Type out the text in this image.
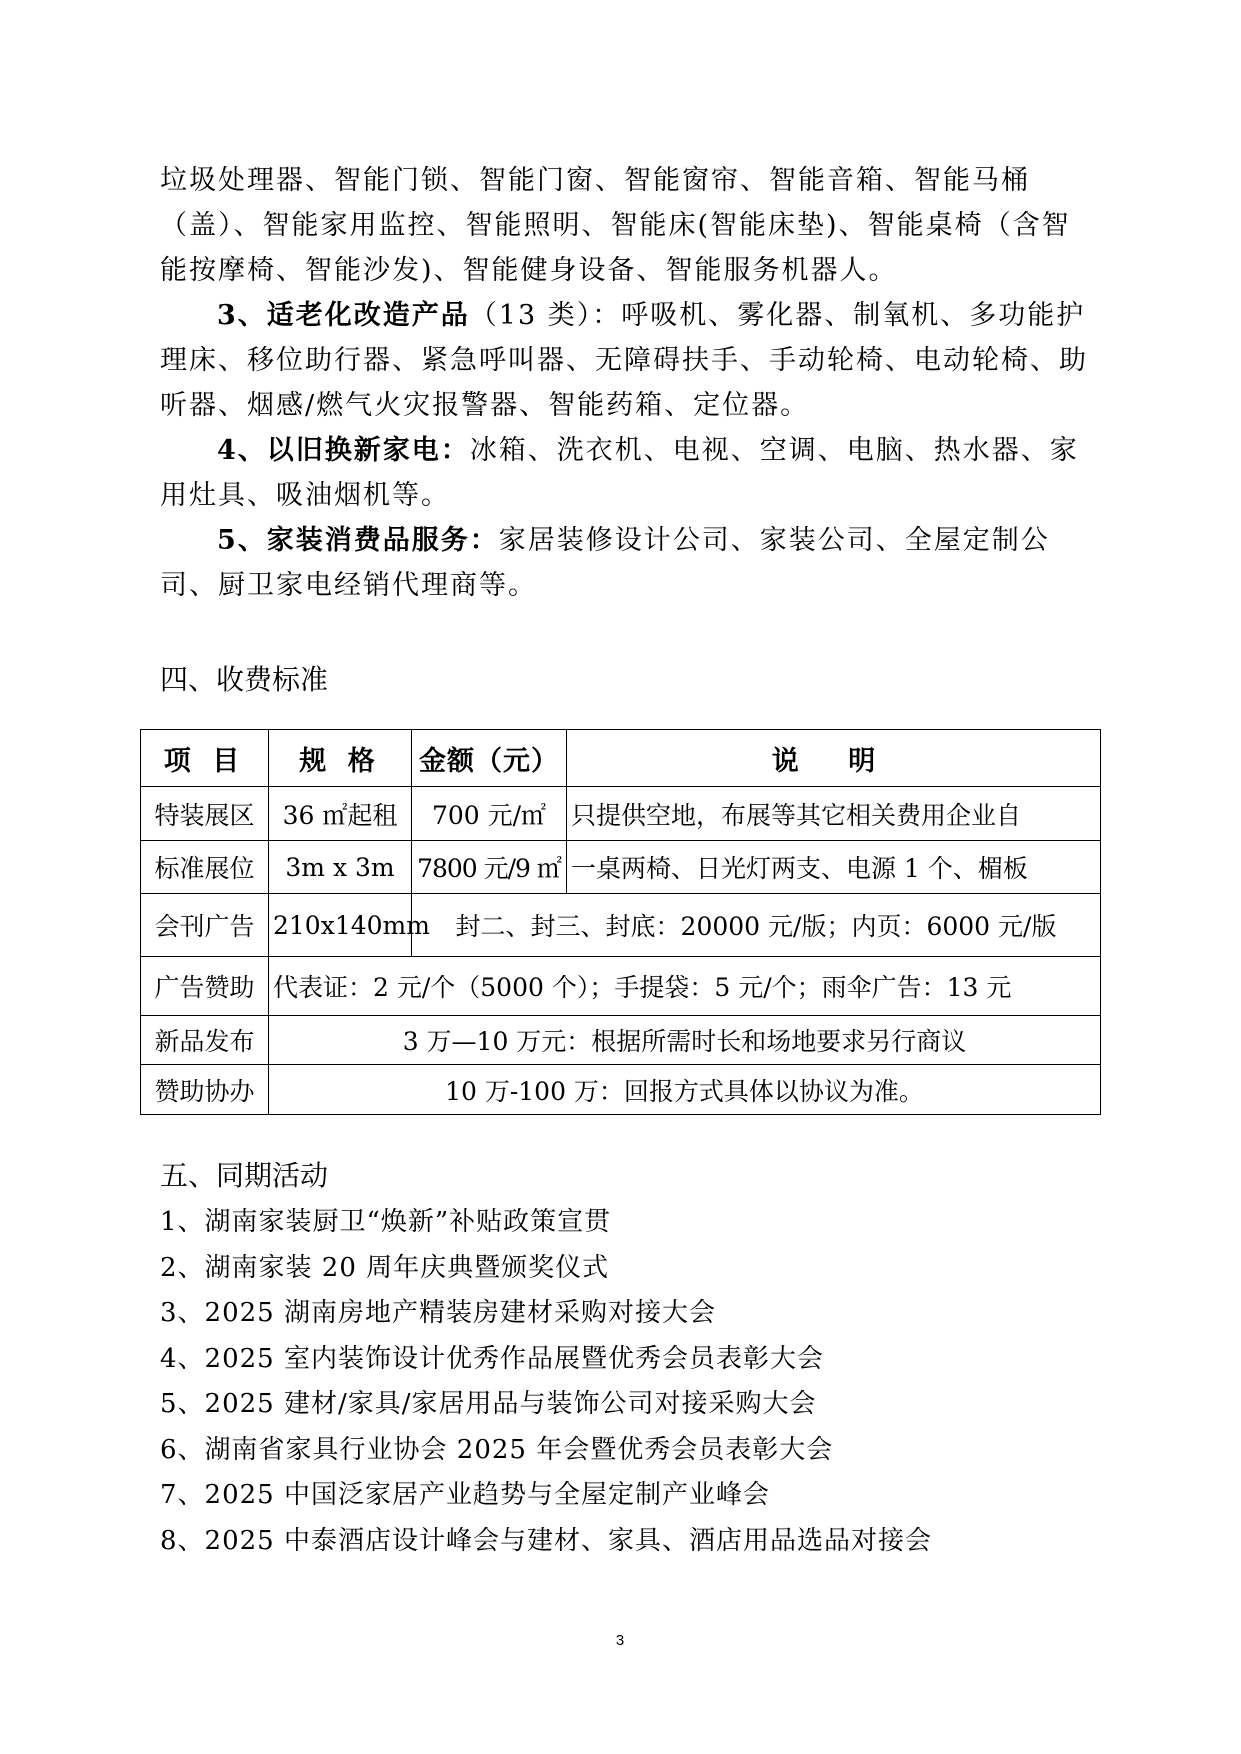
垃圾处理器、智能门锁、智能门窗、智能窗帘、智能音箱、智能马桶（盖）、智能家用监控、智能照明、智能床(智能床垫)、智能桌椅（含智能按摩椅、智能沙发)、智能健身设备、智能服务机器人。

3、适老化改造产品（13 类）：呼吸机、雾化器、制氧机、多功能护理床、移位助行器、紧急呼叫器、无障碍扶手、手动轮椅、电动轮椅、助听器、烟感/燃气火灾报警器、智能药箱、定位器。

4、以旧换新家电：冰箱、洗衣机、电视、空调、电脑、热水器、家用灶具、吸油烟机等。

5、家装消费品服务：家居装修设计公司、家装公司、全屋定制公司、厨卫家电经销代理商等。

四、收费标准
项 目	规 格	金额（元）	说 明
特装展区	36 ㎡起租	700 元/㎡	只提供空地，布展等其它相关费用企业自
标准展位	3m x 3m	7800 元/9 ㎡	一桌两椅、日光灯两支、电源 1 个、楣板
会刊广告	210x140mm	封二、封三、封底：20000 元/版；内页：6000 元/版	
广告赞助	代表证：2 元/个（5000 个）；手提袋：5 元/个；雨伞广告：13 元		
新品发布	3 万—10 万元：根据所需时长和场地要求另行商议		
赞助协办	10 万-100 万：回报方式具体以协议为准。		
五、同期活动
1、湖南家装厨卫“焕新”补贴政策宣贯
2、湖南家装 20 周年庆典暨颁奖仪式
3、2025 湖南房地产精装房建材采购对接大会
4、2025 室内装饰设计优秀作品展暨优秀会员表彰大会
5、2025 建材/家具/家居用品与装饰公司对接采购大会
6、湖南省家具行业协会 2025 年会暨优秀会员表彰大会
7、2025 中国泛家居产业趋势与全屋定制产业峰会
8、2025 中泰酒店设计峰会与建材、家具、酒店用品选品对接会
3
